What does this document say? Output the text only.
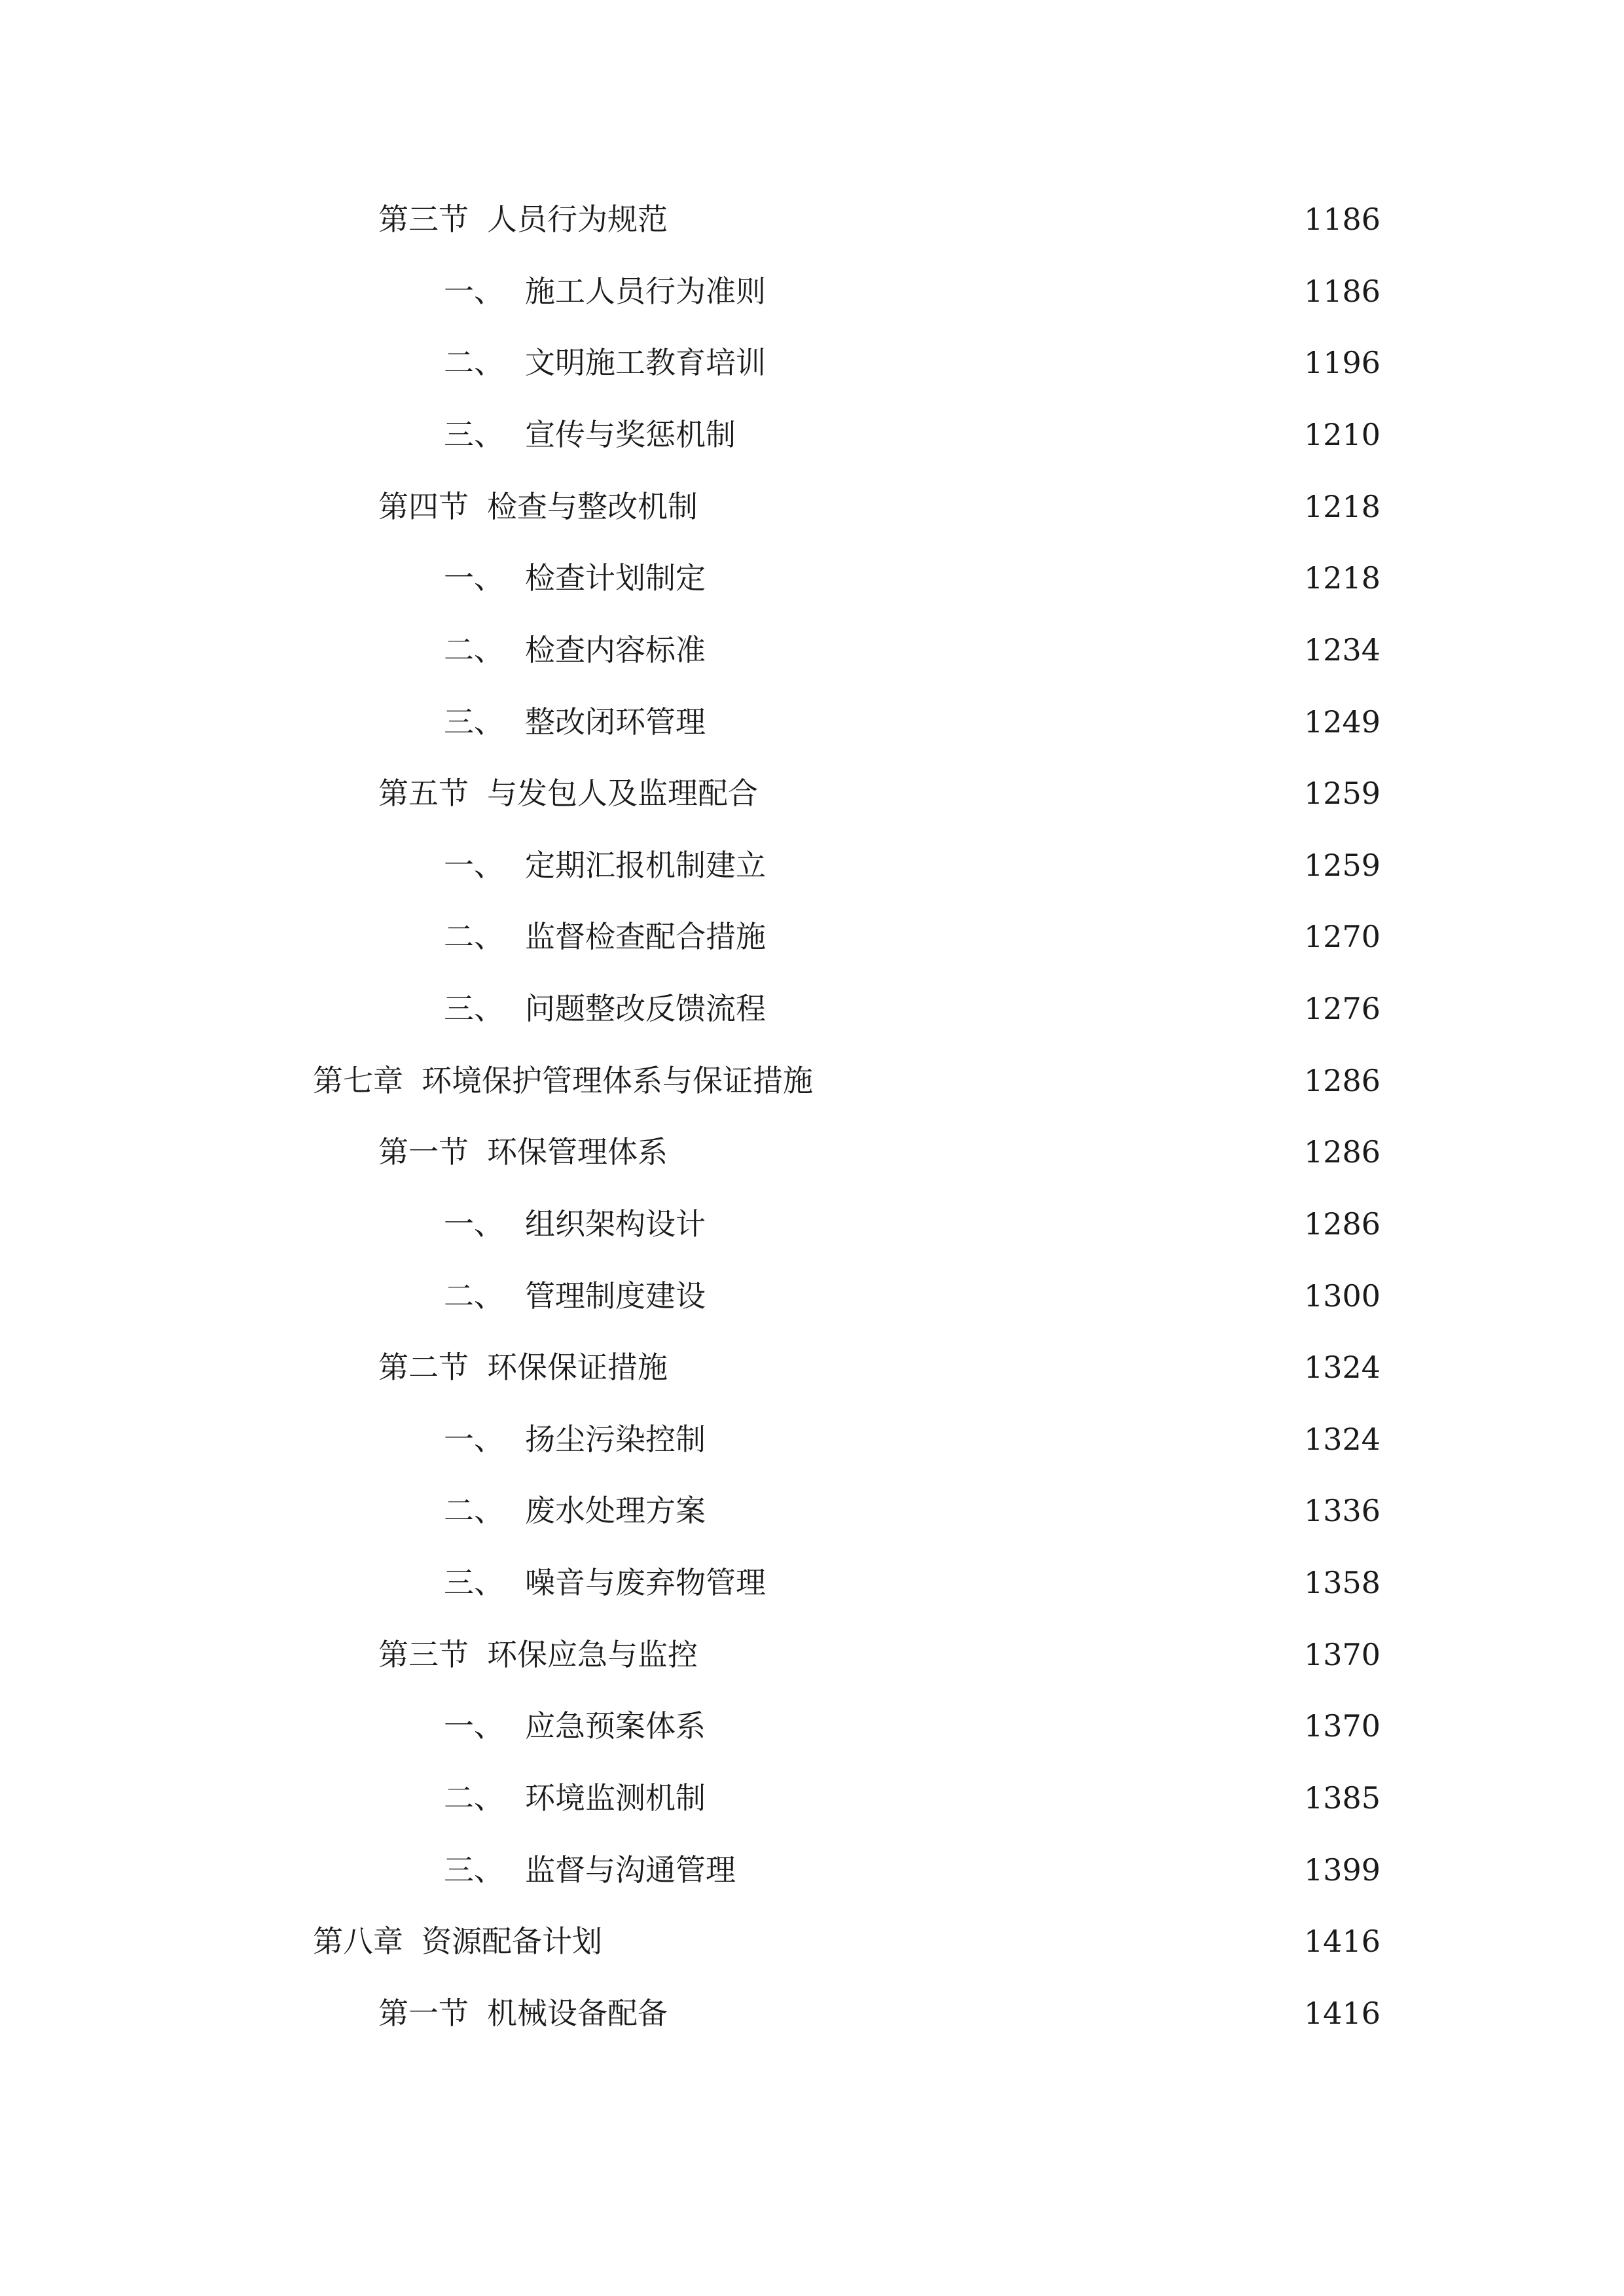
第三节 人员行为规范	1186
一、 施工人员行为准则	1186
二、 文明施工教育培训	1196
三、 宣传与奖惩机制	1210
第四节 检查与整改机制	1218
一、 检查计划制定	1218
二、 检查内容标准	1234
三、 整改闭环管理	1249
第五节 与发包人及监理配合	1259
一、 定期汇报机制建立	1259
二、 监督检查配合措施	1270
三、 问题整改反馈流程	1276
第七章 环境保护管理体系与保证措施	1286
第一节 环保管理体系	1286
一、 组织架构设计	1286
二、 管理制度建设	1300
第二节 环保保证措施	1324
一、 扬尘污染控制	1324
二、 废水处理方案	1336
三、 噪音与废弃物管理	1358
第三节 环保应急与监控	1370
一、 应急预案体系	1370
二、 环境监测机制	1385
三、 监督与沟通管理	1399
第八章 资源配备计划	1416
第一节 机械设备配备	1416
